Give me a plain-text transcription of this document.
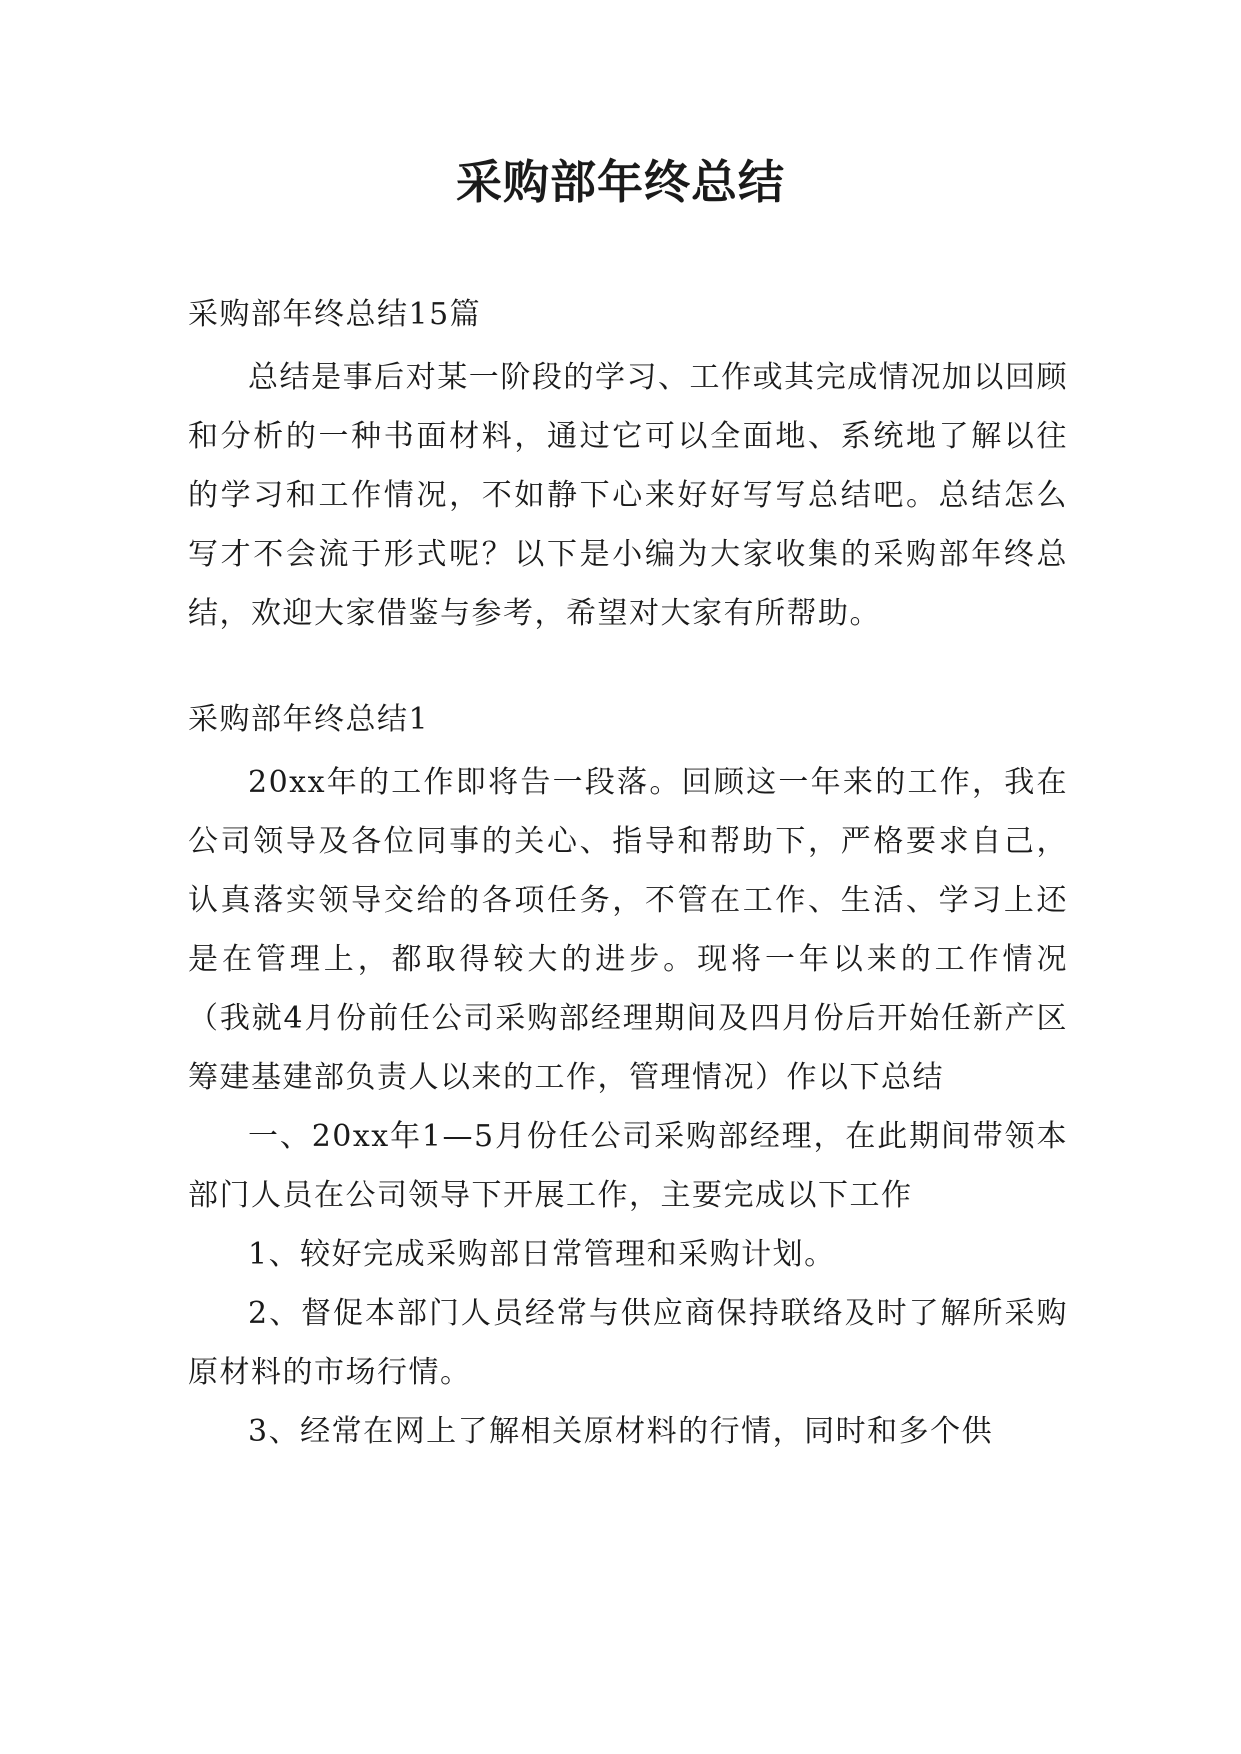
采购部年终总结

采购部年终总结15篇

总结是事后对某一阶段的学习、工作或其完成情况加以回顾和分析的一种书面材料，通过它可以全面地、系统地了解以往的学习和工作情况，不如静下心来好好写写总结吧。总结怎么写才不会流于形式呢？以下是小编为大家收集的采购部年终总结，欢迎大家借鉴与参考，希望对大家有所帮助。

采购部年终总结1

20xx年的工作即将告一段落。回顾这一年来的工作，我在公司领导及各位同事的关心、指导和帮助下，严格要求自己，认真落实领导交给的各项任务，不管在工作、生活、学习上还是在管理上，都取得较大的进步。现将一年以来的工作情况（我就4月份前任公司采购部经理期间及四月份后开始任新产区筹建基建部负责人以来的工作，管理情况）作以下总结

一、20xx年1—5月份任公司采购部经理，在此期间带领本部门人员在公司领导下开展工作，主要完成以下工作

1、较好完成采购部日常管理和采购计划。

2、督促本部门人员经常与供应商保持联络及时了解所采购原材料的市场行情。

3、经常在网上了解相关原材料的行情，同时和多个供
